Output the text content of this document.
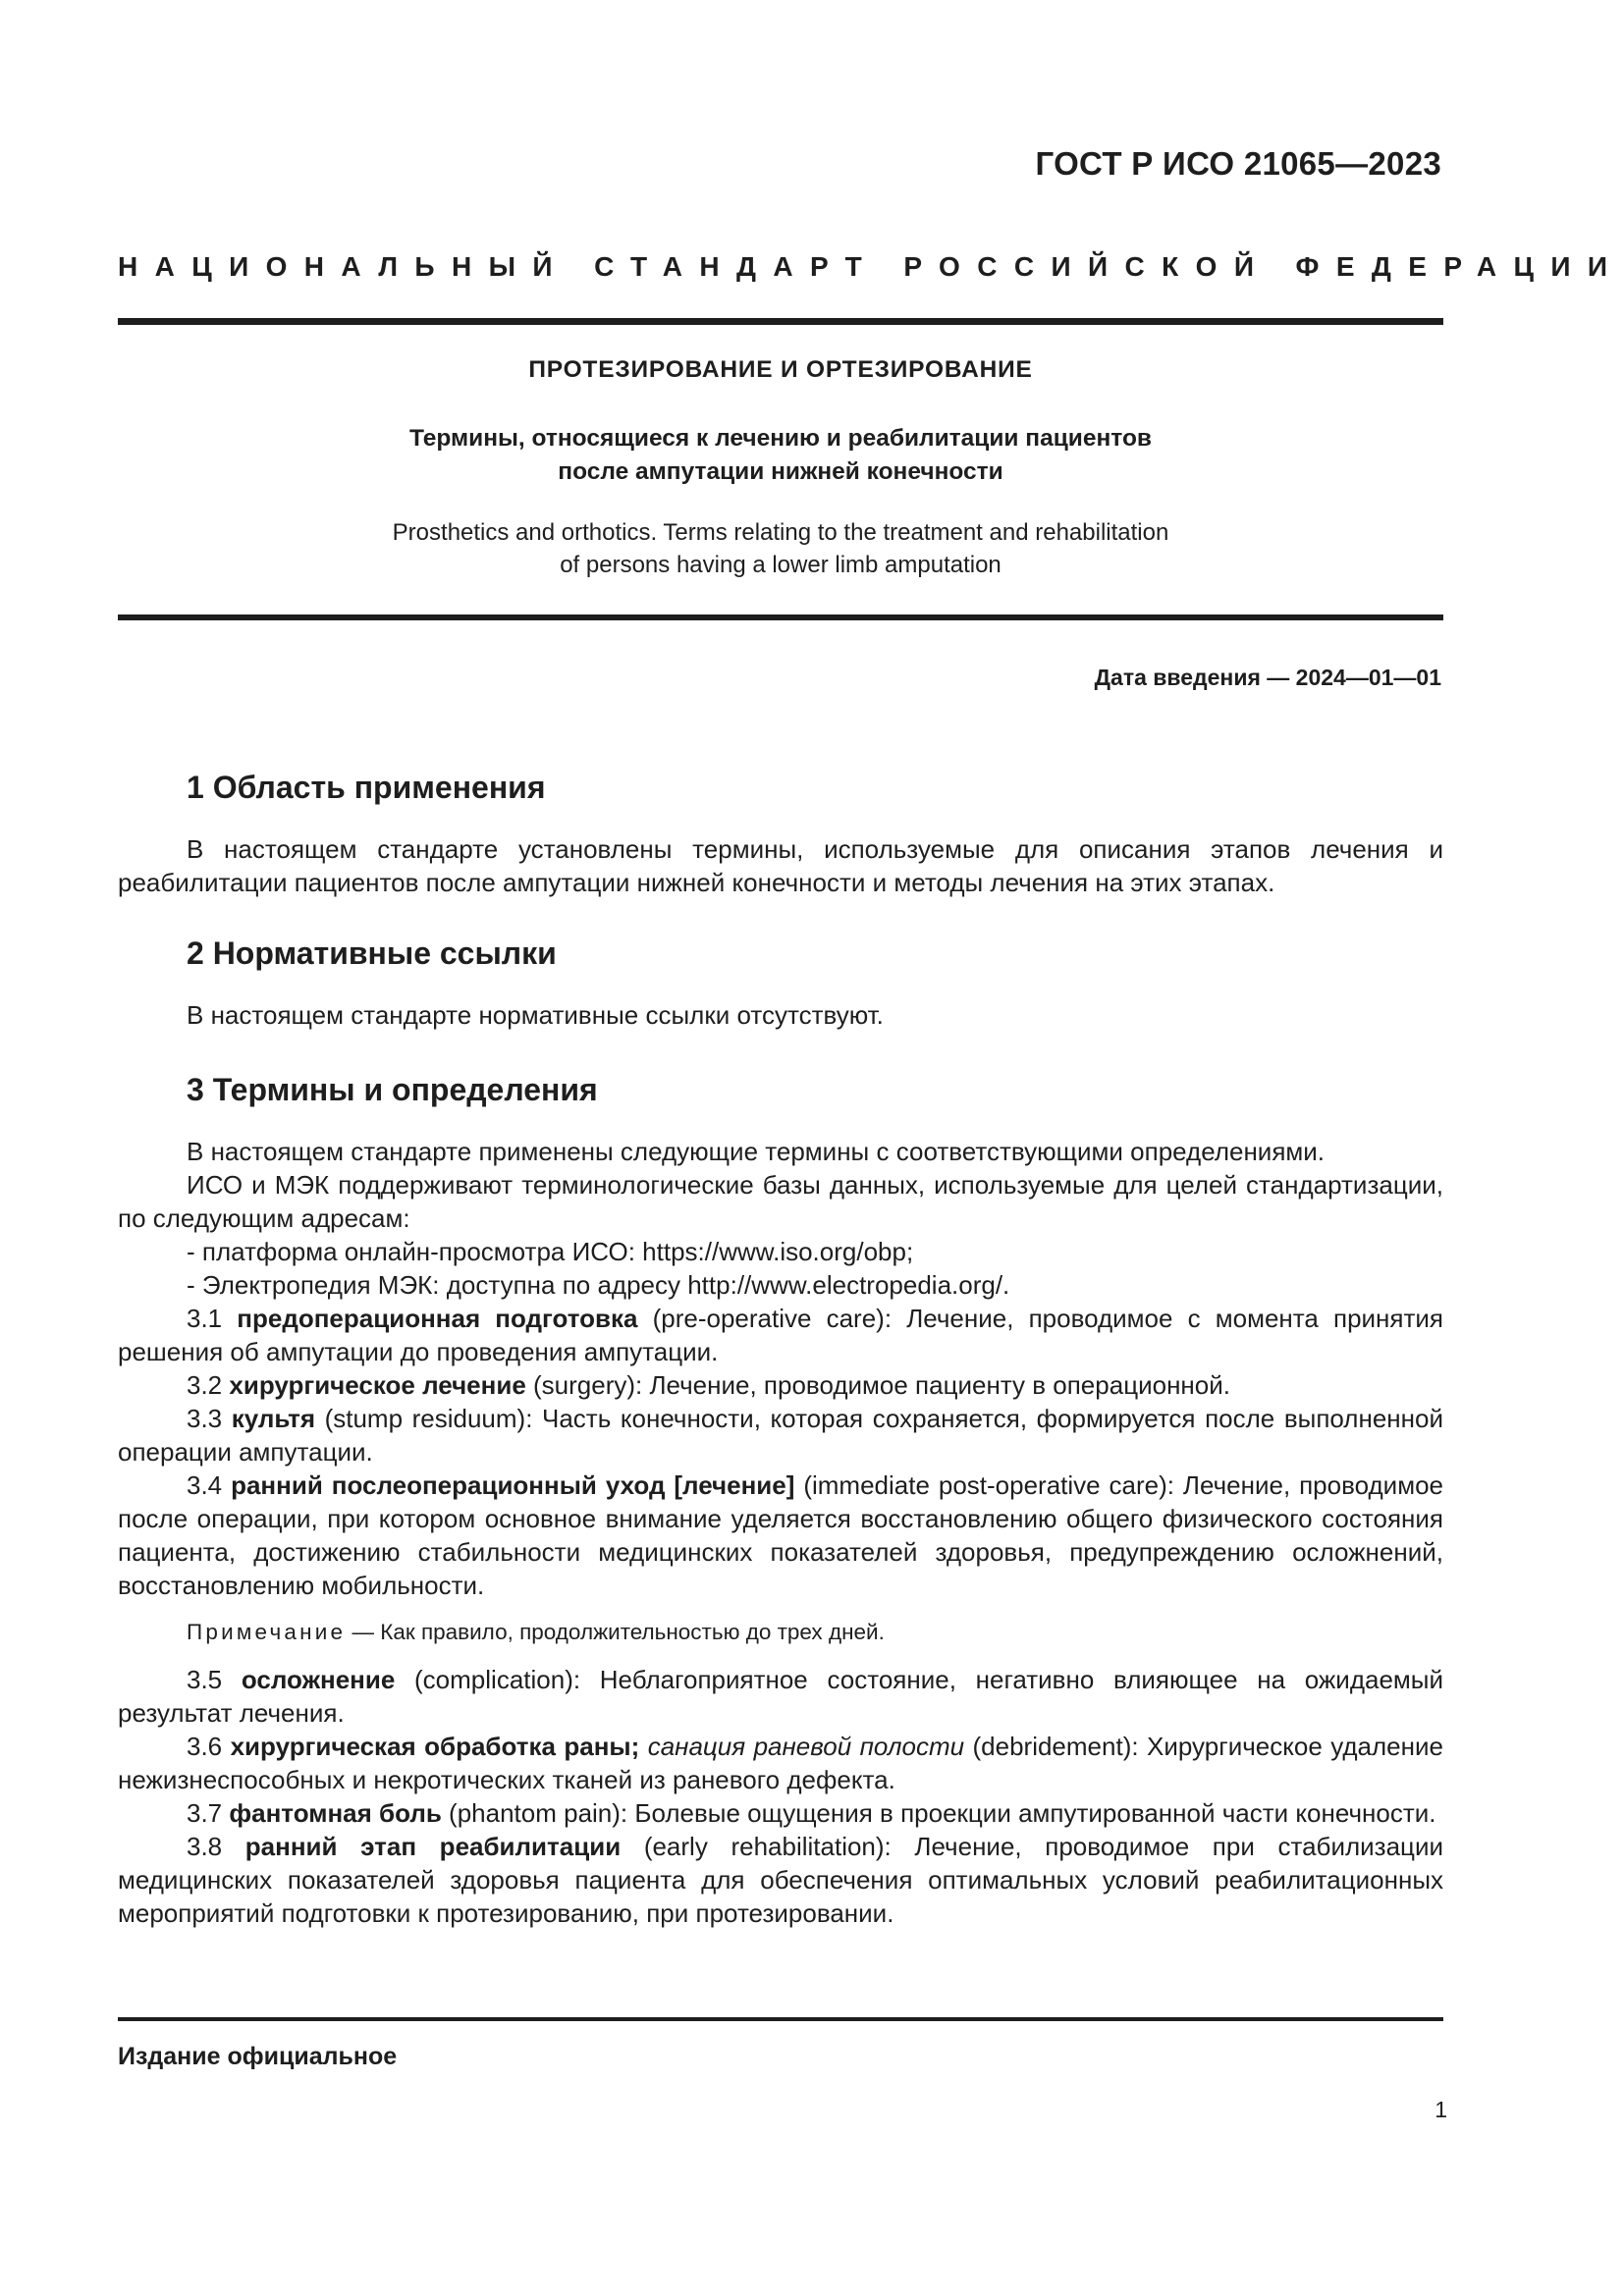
ГОСТ Р ИСО 21065—2023
НАЦИОНАЛЬНЫЙ СТАНДАРТ РОССИЙСКОЙ ФЕДЕРАЦИИ
ПРОТЕЗИРОВАНИЕ И ОРТЕЗИРОВАНИЕ
Термины, относящиеся к лечению и реабилитации пациентов
после ампутации нижней конечности
Prosthetics and orthotics. Terms relating to the treatment and rehabilitation
of persons having a lower limb amputation
Дата введения — 2024—01—01
1 Область применения

В настоящем стандарте установлены термины, используемые для описания этапов лечения и реабилитации пациентов после ампутации нижней конечности и методы лечения на этих этапах.

2 Нормативные ссылки

В настоящем стандарте нормативные ссылки отсутствуют.

3 Термины и определения

В настоящем стандарте применены следующие термины с соответствующими определениями.

ИСО и МЭК поддерживают терминологические базы данных, используемые для целей стандартизации, по следующим адресам:

- платформа онлайн-просмотра ИСО: https://www.iso.org/obp;
- Электропедия МЭК: доступна по адресу http://www.electropedia.org/.

3.1 предоперационная подготовка (pre-operative care): Лечение, проводимое с момента принятия решения об ампутации до проведения ампутации.

3.2 хирургическое лечение (surgery): Лечение, проводимое пациенту в операционной.

3.3 культя (stump residuum): Часть конечности, которая сохраняется, формируется после выполненной операции ампутации.

3.4 ранний послеоперационный уход [лечение] (immediate post-operative care): Лечение, проводимое после операции, при котором основное внимание уделяется восстановлению общего физического состояния пациента, достижению стабильности медицинских показателей здоровья, предупреждению осложнений, восстановлению мобильности.

Примечание — Как правило, продолжительностью до трех дней.

3.5 осложнение (complication): Неблагоприятное состояние, негативно влияющее на ожидаемый результат лечения.

3.6 хирургическая обработка раны; санация раневой полости (debridement): Хирургическое удаление нежизнеспособных и некротических тканей из раневого дефекта.

3.7 фантомная боль (phantom pain): Болевые ощущения в проекции ампутированной части конечности.

3.8 ранний этап реабилитации (early rehabilitation): Лечение, проводимое при стабилизации медицинских показателей здоровья пациента для обеспечения оптимальных условий реабилитационных мероприятий подготовки к протезированию, при протезировании.

Издание официальное
1
